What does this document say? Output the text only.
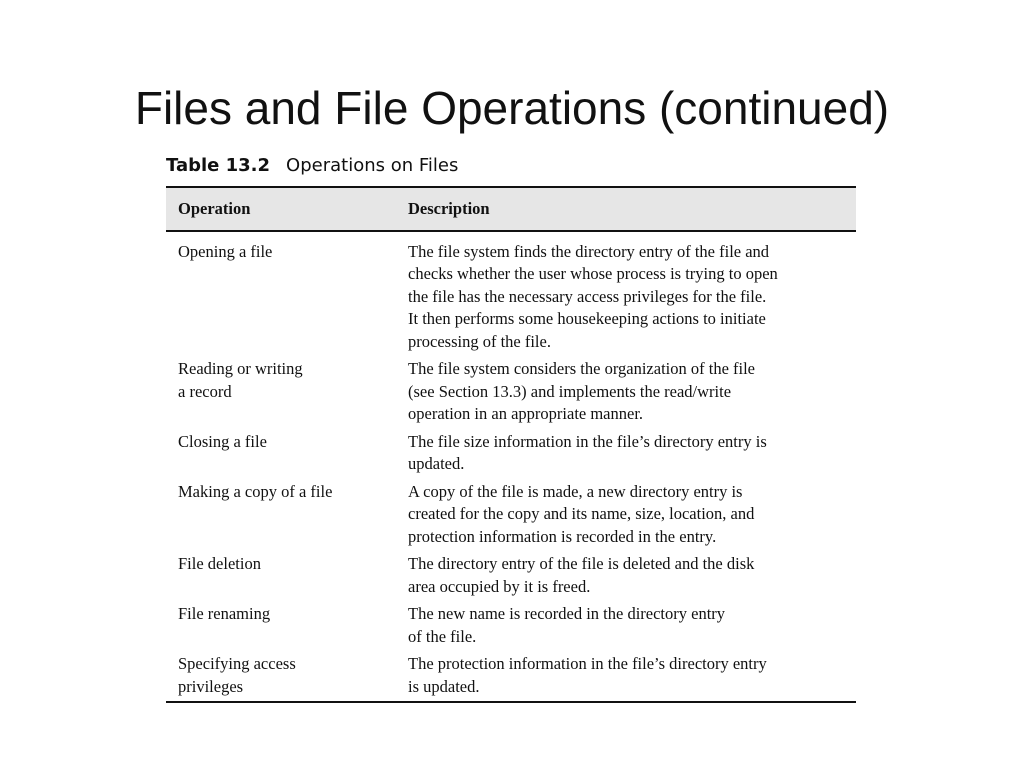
Files and File Operations (continued)
Table 13.2 Operations on Files
Operation	Description

Opening a file	The file system finds the directory entry of the file and
checks whether the user whose process is trying to open
the file has the necessary access privileges for the file.
It then performs some housekeeping actions to initiate
processing of the file.

Reading or writing
a record	The file system considers the organization of the file
(see Section 13.3) and implements the read/write
operation in an appropriate manner.

Closing a file	The file size information in the file’s directory entry is
updated.

Making a copy of a file	A copy of the file is made, a new directory entry is
created for the copy and its name, size, location, and
protection information is recorded in the entry.

File deletion	The directory entry of the file is deleted and the disk
area occupied by it is freed.

File renaming	The new name is recorded in the directory entry
of the file.

Specifying access
privileges	The protection information in the file’s directory entry
is updated.
